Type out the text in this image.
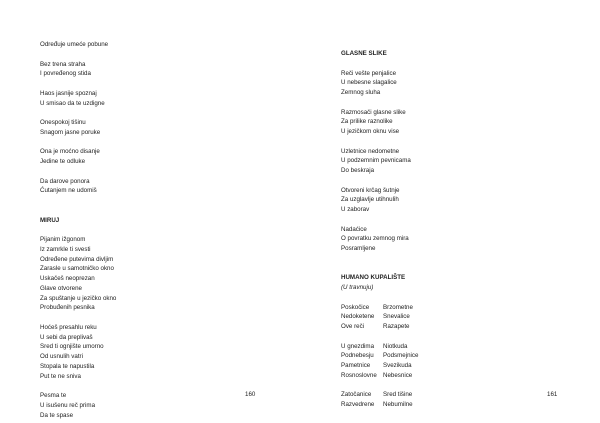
Određuje umeće pobune
Bez trena straha
I povređenog stida
Haos jasnije spoznaj
U smisao da te uzdigne
Onespokoj tišinu
Snagom jasne poruke
Ona je moćno disanje
Jedine te odluke
Da darove ponora
Ćutanjem ne udomiš
MIRUJ
Pijanim ižgonom
Iz zamrkle ti svesti
Određene putevima divljim
Zarasle u samotničko okno
Uskačeš neoprezan
Glave otvorene
Za spuštanje u jezičko okno
Probuđenih pesnika
Hoćeš presahlu reku
U sebi da preplivaš
Sred ti ognjište umorno
Od usnulih vatri
Stopala te napustila
Put te ne sniva
Pesma te
U isušenu reč prima
Da te spase
160
GLASNE SLIKE
Reči vešte penjalice
U nebesne slagalice
Zemnog sluha
Razmosači glasne slike
Za prilike raznolike
U jezičkom oknu vise
Uzletnice nedometne
U podzemnim pevnicama
Do beskraja
Otvoreni krčag šutnje
Za uzglavlje utihnulih
U zaborav
Nadaćice
O povratku zemnog mira
Posramljene
HUMANO KUPALIŠTE
(U travnuju)
Poskočice Brzometne
Nedoketene Snevalice
Ove reči	Razapete
U gnezdima Niotkuda
Podnebesju Podsmejnice
Pametnice Svezikuda
Rosnoslovne Nebesnice
Zatočanice Sred tišine
Razvedrene Nebumilne
161
